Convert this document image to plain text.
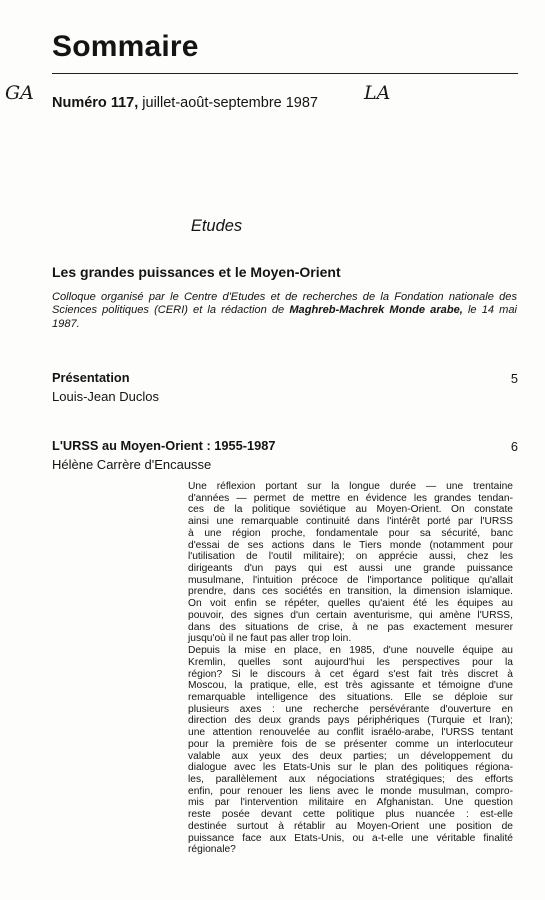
Sommaire
GA Numéro 117, juillet-août-septembre 1987 LA
Etudes
Les grandes puissances et le Moyen-Orient
Colloque organisé par le Centre d'Etudes et de recherches de la Fondation nationale des Sciences politiques (CERI) et la rédaction de Maghreb-Machrek Monde arabe, le 14 mai 1987.
Présentation	5
Louis-Jean Duclos
L'URSS au Moyen-Orient : 1955-1987	6
Hélène Carrère d'Encausse

Une réflexion portant sur la longue durée — une trentaine

d'années — permet de mettre en évidence les grandes tendan-

ces de la politique soviétique au Moyen-Orient. On constate

ainsi une remarquable continuité dans l'intérêt porté par l'URSS

à une région proche, fondamentale pour sa sécurité, banc

d'essai de ses actions dans le Tiers monde (notamment pour

l'utilisation de l'outil militaire); on apprécie aussi, chez les

dirigeants d'un pays qui est aussi une grande puissance

musulmane, l'intuition précoce de l'importance politique qu'allait

prendre, dans ces sociétés en transition, la dimension islamique.

On voit enfin se répéter, quelles qu'aient été les équipes au

pouvoir, des signes d'un certain aventurisme, qui amène l'URSS,

dans des situations de crise, à ne pas exactement mesurer

jusqu'où il ne faut pas aller trop loin.

Depuis la mise en place, en 1985, d'une nouvelle équipe au

Kremlin, quelles sont aujourd'hui les perspectives pour la

région? Si le discours à cet égard s'est fait très discret à

Moscou, la pratique, elle, est très agissante et témoigne d'une

remarquable intelligence des situations. Elle se déploie sur

plusieurs axes : une recherche persévérante d'ouverture en

direction des deux grands pays périphériques (Turquie et Iran);

une attention renouvelée au conflit israélo-arabe, l'URSS tentant

pour la première fois de se présenter comme un interlocuteur

valable aux yeux des deux parties; un développement du

dialogue avec les Etats-Unis sur le plan des politiques régiona-

les, parallèlement aux négociations stratégiques; des efforts

enfin, pour renouer les liens avec le monde musulman, compro-

mis par l'intervention militaire en Afghanistan. Une question

reste posée devant cette politique plus nuancée : est-elle

destinée surtout à rétablir au Moyen-Orient une position de

puissance face aux Etats-Unis, ou a-t-elle une véritable finalité

régionale?
